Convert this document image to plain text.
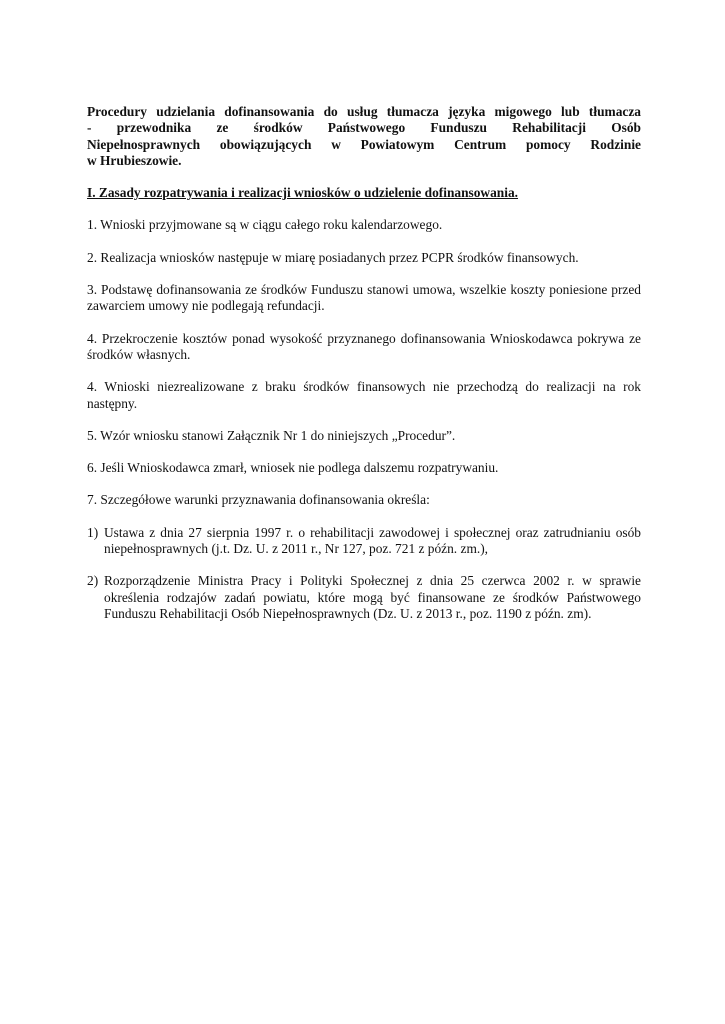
Procedury udzielania dofinansowania do usług tłumacza języka migowego lub tłumacza
- przewodnika ze środków Państwowego Funduszu Rehabilitacji Osób
Niepełnosprawnych obowiązujących w Powiatowym Centrum pomocy Rodzinie
w Hrubieszowie.
I. Zasady rozpatrywania i realizacji wniosków o udzielenie dofinansowania.

1. Wnioski przyjmowane są w ciągu całego roku kalendarzowego.

2. Realizacja wniosków następuje w miarę posiadanych przez PCPR środków finansowych.

3. Podstawę dofinansowania ze środków Funduszu stanowi umowa, wszelkie koszty poniesione przed zawarciem umowy nie podlegają refundacji.

4. Przekroczenie kosztów ponad wysokość przyznanego dofinansowania Wnioskodawca pokrywa ze środków własnych.

4. Wnioski niezrealizowane z braku środków finansowych nie przechodzą do realizacji na rok następny.

5. Wzór wniosku stanowi Załącznik Nr 1 do niniejszych „Procedur”.

6. Jeśli Wnioskodawca zmarł, wniosek nie podlega dalszemu rozpatrywaniu.

7. Szczegółowe warunki przyznawania dofinansowania określa:

1) Ustawa z dnia 27 sierpnia 1997 r. o rehabilitacji zawodowej i społecznej oraz zatrudnianiu osób niepełnosprawnych (j.t. Dz. U. z 2011 r., Nr 127, poz. 721 z późn. zm.),
2) Rozporządzenie Ministra Pracy i Polityki Społecznej z dnia 25 czerwca 2002 r. w sprawie określenia rodzajów zadań powiatu, które mogą być finansowane ze środków Państwowego Funduszu Rehabilitacji Osób Niepełnosprawnych (Dz. U. z 2013 r., poz. 1190 z późn. zm).
